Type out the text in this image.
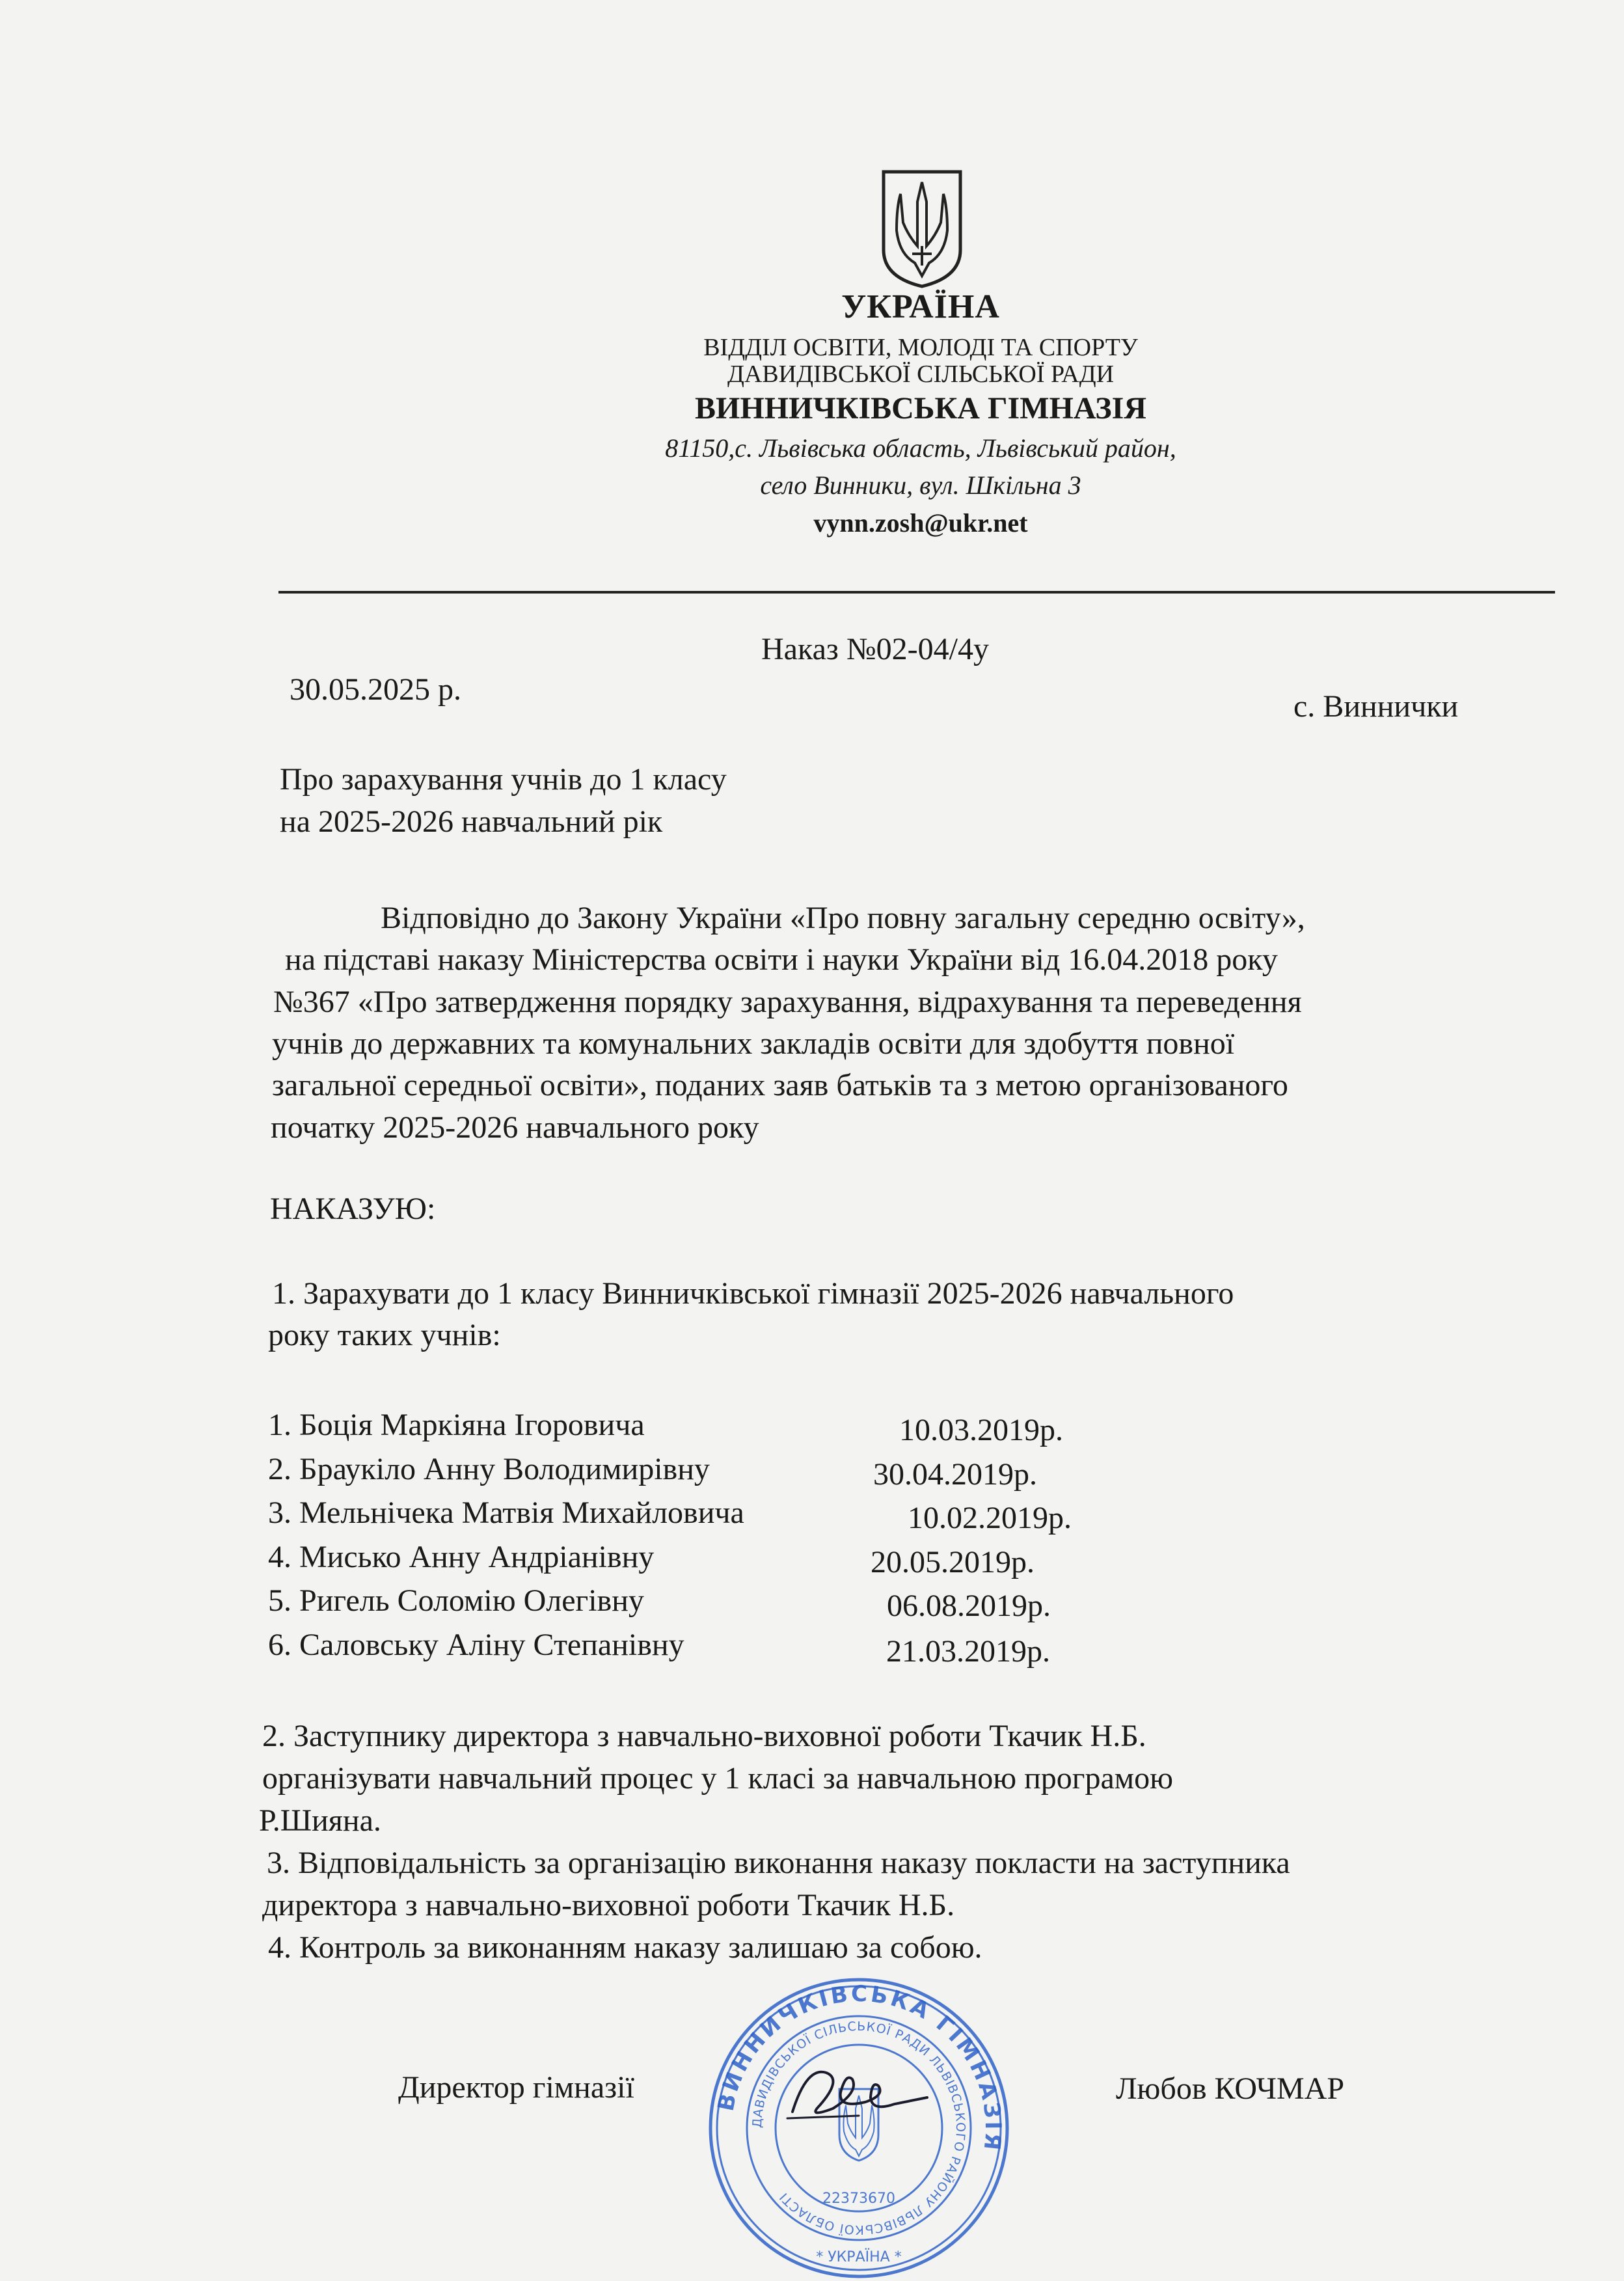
УКРАЇНА
ВІДДІЛ ОСВІТИ, МОЛОДІ ТА СПОРТУ
ДАВИДІВСЬКОЇ СІЛЬСЬКОЇ РАДИ
ВИННИЧКІВСЬКА ГІМНАЗІЯ
81150,с. Львівська область, Львівський район,
село Винники, вул. Шкільна 3
vynn.zosh@ukr.net
Наказ №02-04/4у
30.05.2025 р.	с. Виннички
Про зарахування учнів до 1 класу
на 2025-2026 навчальний рік
Відповідно до Закону України «Про повну загальну середню освіту»,
на підставі наказу Міністерства освіти і науки України від 16.04.2018 року
№367 «Про затвердження порядку зарахування, відрахування та переведення
учнів до державних та комунальних закладів освіти для здобуття повної
загальної середньої освіти», поданих заяв батьків та з метою організованого
початку 2025-2026 навчального року
НАКАЗУЮ:
1. Зарахувати до 1 класу Винничківської гімназії 2025-2026 навчального
року таких учнів:
1. Боція Маркіяна Ігоровича	10.03.2019р.
2. Браукіло Анну Володимирівну	30.04.2019р.
3. Мельнічека Матвія Михайловича	10.02.2019р.
4. Мисько Анну Андріанівну	20.05.2019р.
5. Ригель Соломію Олегівну	06.08.2019р.
6. Саловську Аліну Степанівну	21.03.2019р.
2. Заступнику директора з навчально-виховної роботи Ткачик Н.Б.
організувати навчальний процес у 1 класі за навчальною програмою
Р.Шияна.
3. Відповідальність за організацію виконання наказу покласти на заступника
директора з навчально-виховної роботи Ткачик Н.Б.
4. Контроль за виконанням наказу залишаю за собою.
Директор гімназії	Любов КОЧМАР
ВИННИЧКІВСЬКА ГІМНАЗІЯ
ДАВИДІВСЬКОЇ СІЛЬСЬКОЇ РАДИ ЛЬВІВСЬКОГО РАЙОНУ ЛЬВІВСЬКОЇ ОБЛАСТІ	22373670
* УКРАЇНА *
